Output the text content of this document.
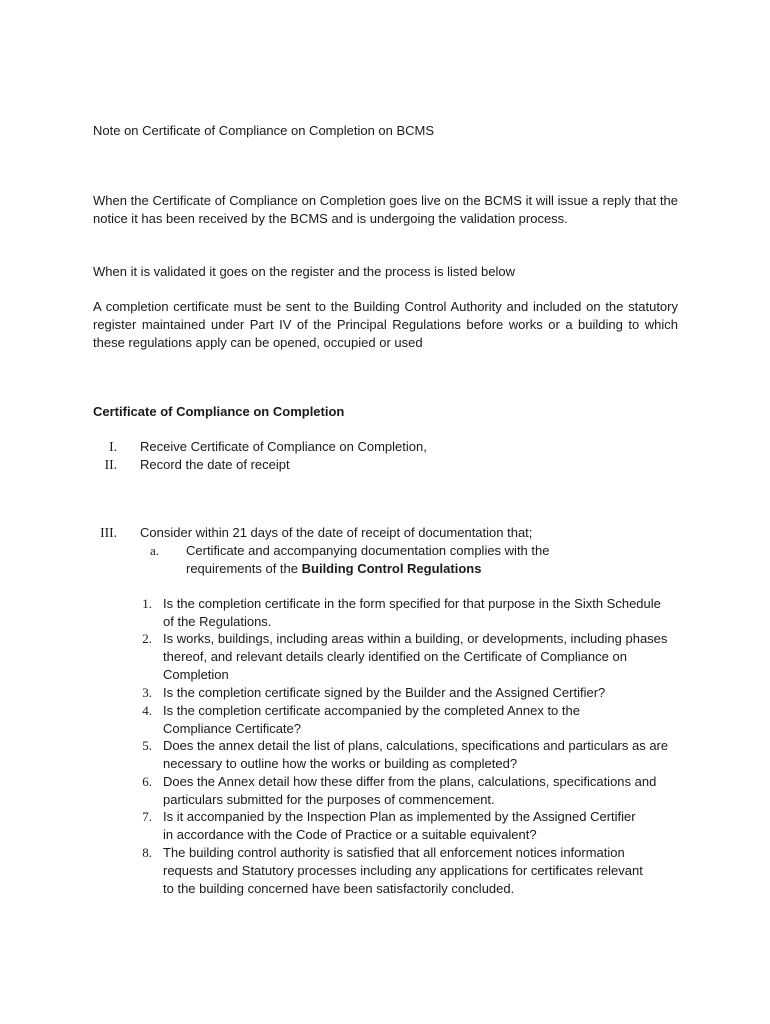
Note on Certificate of Compliance on Completion on BCMS

When the Certificate of Compliance on Completion goes live on the BCMS it will issue a reply that the notice it has been received by the BCMS and is undergoing the validation process.

When it is validated it goes on the register and the process is listed below

A completion certificate must be sent to the Building Control Authority and included on the statutory register maintained under Part IV of the Principal Regulations before works or a building to which these regulations apply can be opened, occupied or used

Certificate of Compliance on Completion

I. Receive Certificate of Compliance on Completion,
II. Record the date of receipt
III. Consider within 21 days of the date of receipt of documentation that;
a. Certificate and accompanying documentation complies with the requirements of the Building Control Regulations
1. Is the completion certificate in the form specified for that purpose in the Sixth Schedule of the Regulations.
2. Is works, buildings, including areas within a building, or developments, including phases thereof, and relevant details clearly identified on the Certificate of Compliance on Completion
3. Is the completion certificate signed by the Builder and the Assigned Certifier?
4. Is the completion certificate accompanied by the completed Annex to the Compliance Certificate?
5. Does the annex detail the list of plans, calculations, specifications and particulars as are necessary to outline how the works or building as completed?
6. Does the Annex detail how these differ from the plans, calculations, specifications and particulars submitted for the purposes of commencement.
7. Is it accompanied by the Inspection Plan as implemented by the Assigned Certifier in accordance with the Code of Practice or a suitable equivalent?
8. The building control authority is satisfied that all enforcement notices information requests and Statutory processes including any applications for certificates relevant to the building concerned have been satisfactorily concluded.
